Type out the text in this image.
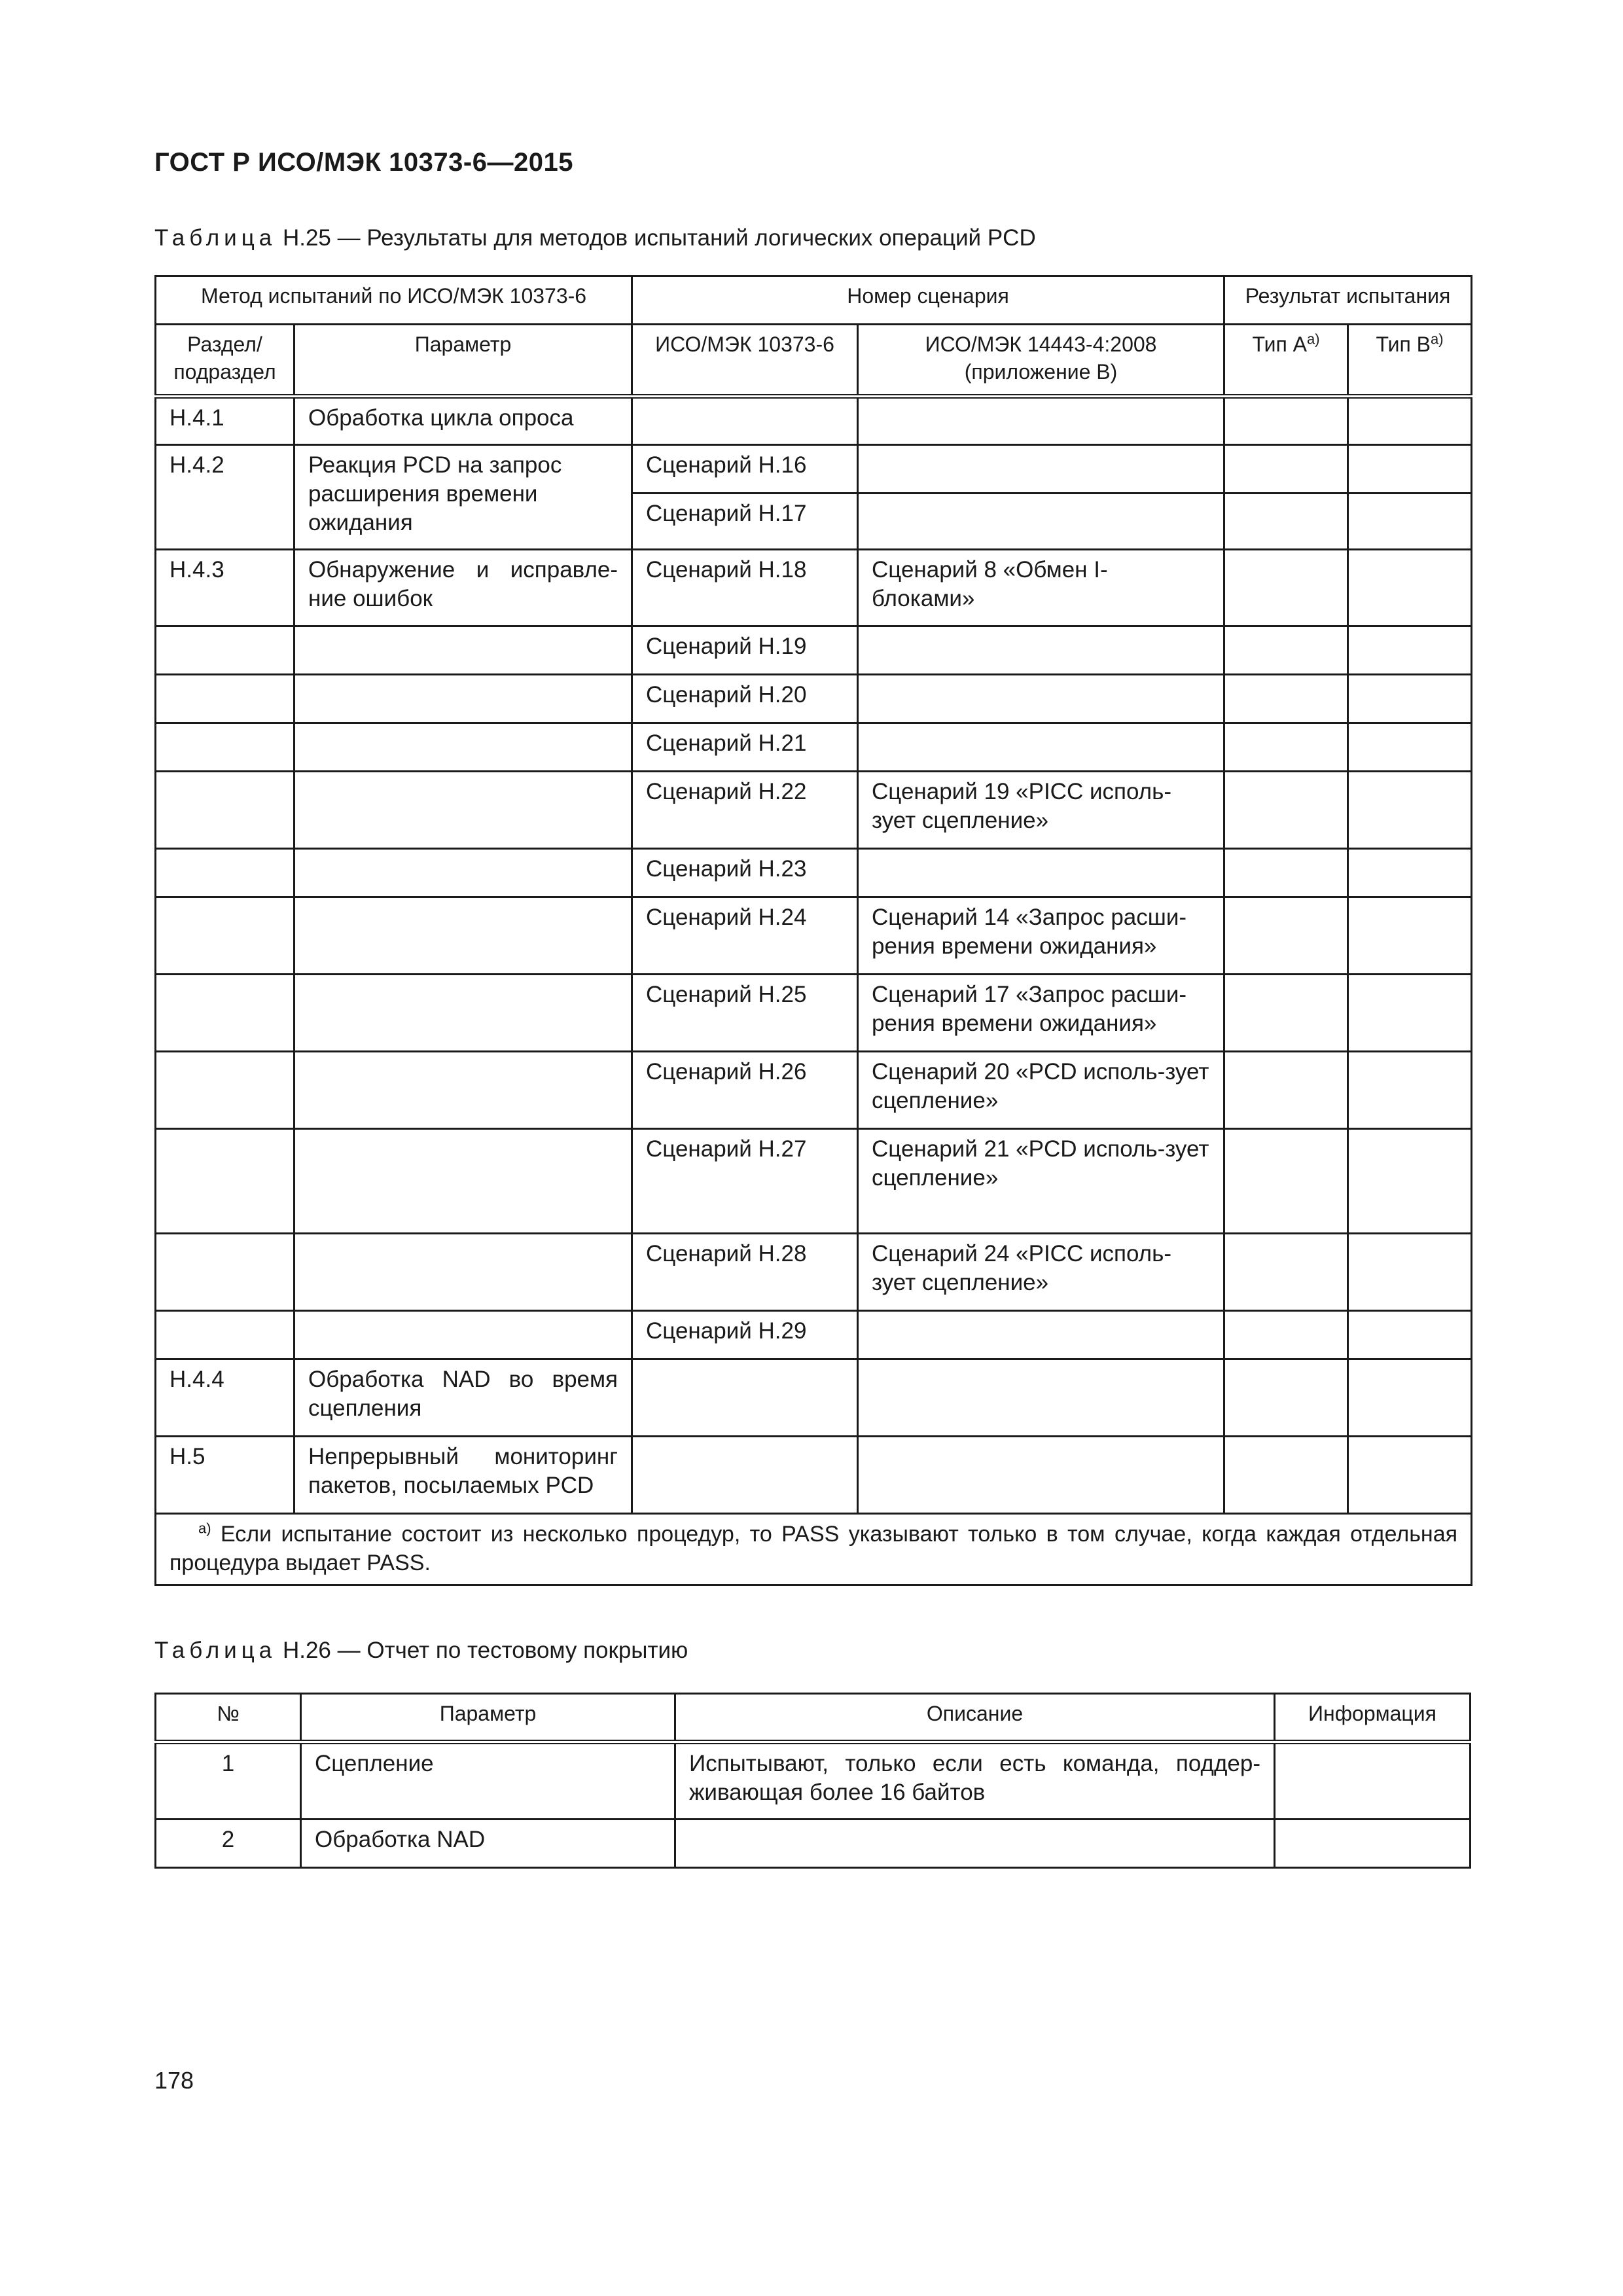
ГОСТ Р ИСО/МЭК 10373-6—2015
Таблица Н.25 — Результаты для методов испытаний логических операций PCD
Метод испытаний по ИСО/МЭК 10373-6		Номер сценария		Результат испытания	
Раздел/ подраздел	Параметр	ИСО/МЭК 10373-6	ИСО/МЭК 14443-4:2008 (приложение B)	Тип $A^{a)}$	Тип $B^{a)}$
H.4.1	Обработка цикла опроса				
H.4.2	Реакция PCD на запрос расширения времени ожидания	Сценарий H.16			
		Сценарий H.17			
H.4.3	Обнаружение и исправле-ние ошибок	Сценарий H.18	Сценарий 8 «Обмен I-блоками»		
		Сценарий H.19			
		Сценарий H.20			
		Сценарий H.21			
		Сценарий H.22	Сценарий 19 «PICC исполь-зует сцепление»		
		Сценарий H.23			
		Сценарий H.24	Сценарий 14 «Запрос расши-рения времени ожидания»		
		Сценарий H.25	Сценарий 17 «Запрос расши-рения времени ожидания»		
		Сценарий H.26	Сценарий 20 «PCD исполь-зует сцепление»		
		Сценарий H.27	Сценарий 21 «PCD исполь-зует сцепление»		
		Сценарий H.28	Сценарий 24 «PICC исполь-зует сцепление»		
		Сценарий H.29			
H.4.4	Обработка NAD во время сцепления				
H.5	Непрерывный мониторинг пакетов, посылаемых PCD				
$^{a)}$ Если испытание состоит из несколько процедур, то PASS указывают только в том случае, когда каждая отдельная процедура выдает PASS.					
Таблица Н.26 — Отчет по тестовому покрытию
№	Параметр	Описание	Информация
1	Сцепление	Испытывают, только если есть команда, поддер-живающая более 16 байтов	
2	Обработка NAD		
178
